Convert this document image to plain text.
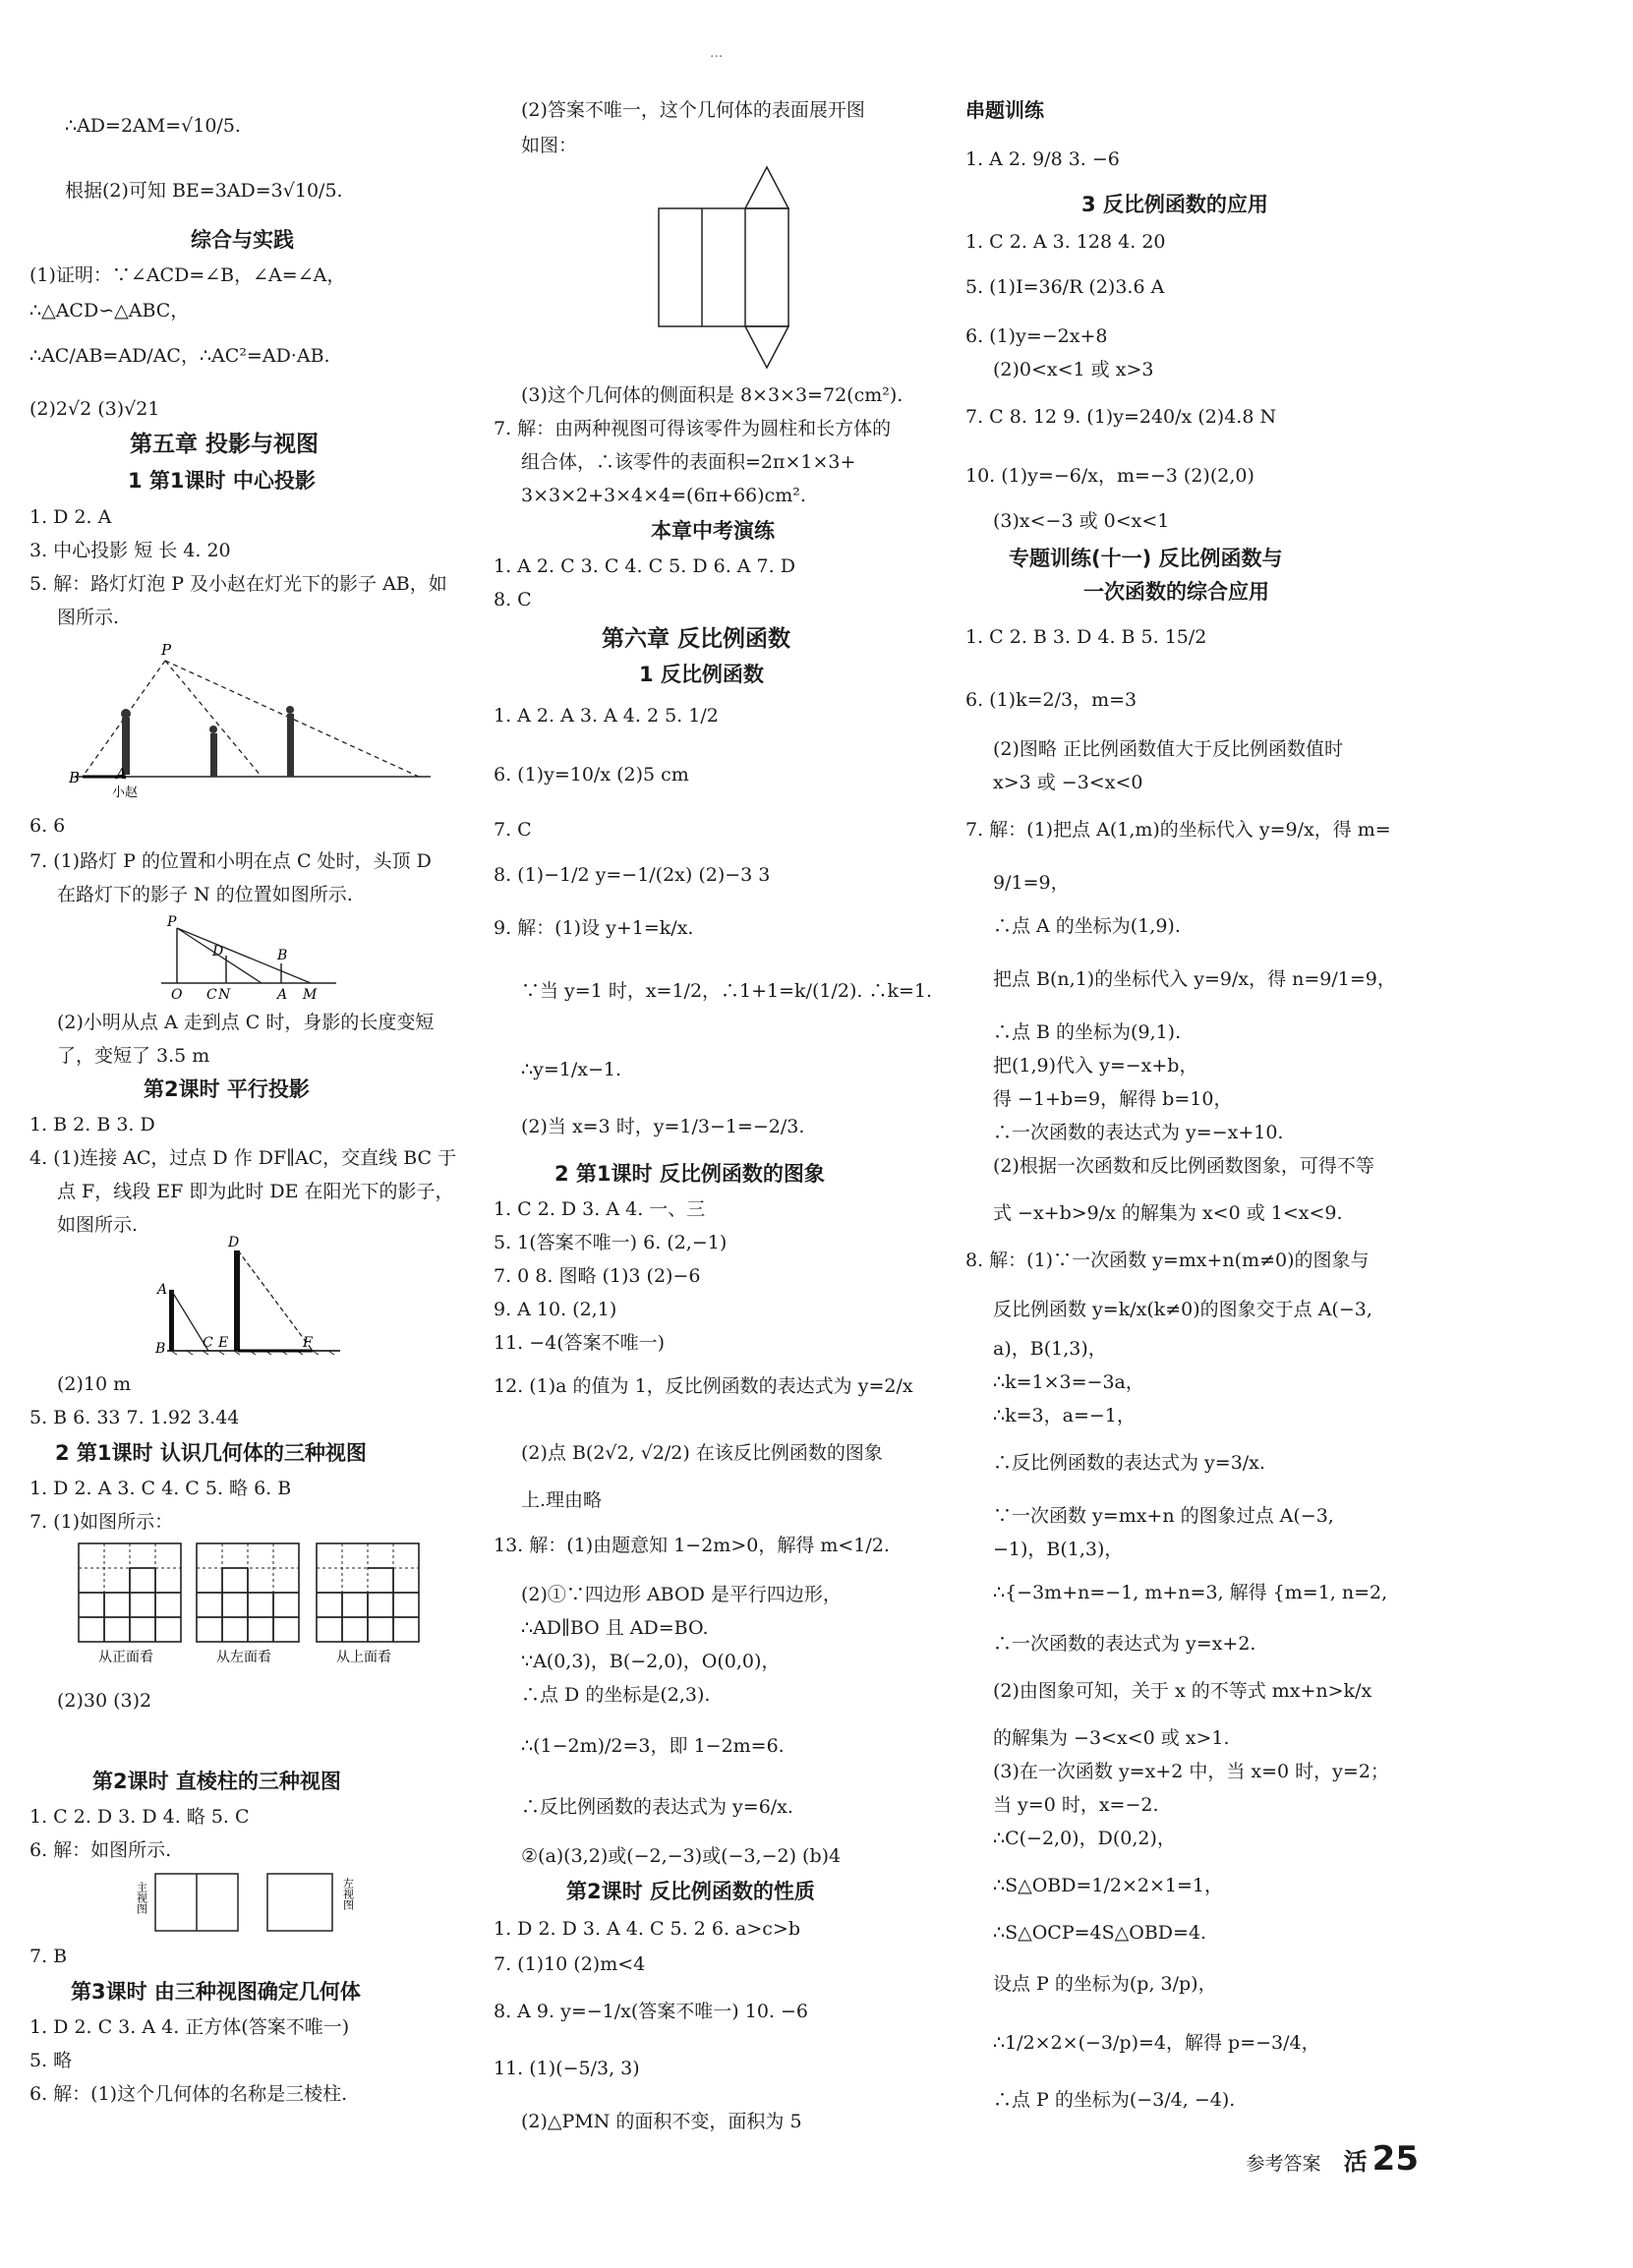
···
∴AD=2AM=√10/5.
根据(2)可知 BE=3AD=3√10/5.
综合与实践
(1)证明：∵∠ACD=∠B，∠A=∠A，
∴△ACD∽△ABC，
∴AC/AB=AD/AC，∴AC²=AD·AB.
(2)2√2 (3)√21
第五章 投影与视图
1 第1课时 中心投影
1. D 2. A
3. 中心投影 短 长 4. 20
5. 解：路灯灯泡 P 及小赵在灯光下的影子 AB，如
图所示.
P
B A
小赵
6. 6
7. (1)路灯 P 的位置和小明在点 C 处时，头顶 D
在路灯下的影子 N 的位置如图所示.
P
D	B
O C N	A M
(2)小明从点 A 走到点 C 时，身影的长度变短
了，变短了 3.5 m
第2课时 平行投影
1. B 2. B 3. D
4. (1)连接 AC，过点 D 作 DF∥AC，交直线 BC 于
点 F，线段 EF 即为此时 DE 在阳光下的影子，
如图所示.
D
A
B	C E	F
(2)10 m
5. B 6. 33 7. 1.92 3.44
2 第1课时 认识几何体的三种视图
1. D 2. A 3. C 4. C 5. 略 6. B
7. (1)如图所示：
从正面看	从左面看	从上面看
(2)30 (3)2
第2课时 直棱柱的三种视图
1. C 2. D 3. D 4. 略 5. C
6. 解：如图所示.
主视图	左视图
7. B
第3课时 由三种视图确定几何体
1. D 2. C 3. A 4. 正方体(答案不唯一)
5. 略
6. 解：(1)这个几何体的名称是三棱柱.
(2)答案不唯一，这个几何体的表面展开图
如图：
(3)这个几何体的侧面积是 8×3×3=72(cm²).
7. 解：由两种视图可得该零件为圆柱和长方体的
组合体，∴该零件的表面积=2π×1×3+
3×3×2+3×4×4=(6π+66)cm².
本章中考演练
1. A 2. C 3. C 4. C 5. D 6. A 7. D
8. C
第六章 反比例函数
1 反比例函数
1. A 2. A 3. A 4. 2 5. 1/2
6. (1)y=10/x (2)5 cm
7. C
8. (1)−1/2 y=−1/(2x) (2)−3 3
9. 解：(1)设 y+1=k/x.
∵当 y=1 时，x=1/2，∴1+1=k/(1/2). ∴k=1.
∴y=1/x−1.
(2)当 x=3 时，y=1/3−1=−2/3.
2 第1课时 反比例函数的图象
1. C 2. D 3. A 4. 一、三
5. 1(答案不唯一) 6. (2,−1)
7. 0 8. 图略 (1)3 (2)−6
9. A 10. (2,1)
11. −4(答案不唯一)
12. (1)a 的值为 1，反比例函数的表达式为 y=2/x
(2)点 B(2√2, √2/2) 在该反比例函数的图象
上.理由略
13. 解：(1)由题意知 1−2m>0，解得 m<1/2.
(2)①∵四边形 ABOD 是平行四边形，
∴AD∥BO 且 AD=BO.
∵A(0,3)，B(−2,0)，O(0,0)，
∴点 D 的坐标是(2,3).
∴(1−2m)/2=3，即 1−2m=6.
∴反比例函数的表达式为 y=6/x.
②(a)(3,2)或(−2,−3)或(−3,−2) (b)4
第2课时 反比例函数的性质
1. D 2. D 3. A 4. C 5. 2 6. a>c>b
7. (1)10 (2)m<4
8. A 9. y=−1/x(答案不唯一) 10. −6
11. (1)(−5/3, 3)
(2)△PMN 的面积不变，面积为 5
串题训练
1. A 2. 9/8 3. −6
3 反比例函数的应用
1. C 2. A 3. 128 4. 20
5. (1)I=36/R (2)3.6 A
6. (1)y=−2x+8
(2)0<x<1 或 x>3
7. C 8. 12 9. (1)y=240/x (2)4.8 N
10. (1)y=−6/x，m=−3 (2)(2,0)
(3)x<−3 或 0<x<1
专题训练(十一) 反比例函数与
一次函数的综合应用
1. C 2. B 3. D 4. B 5. 15/2
6. (1)k=2/3，m=3
(2)图略 正比例函数值大于反比例函数值时
x>3 或 −3<x<0
7. 解：(1)把点 A(1,m)的坐标代入 y=9/x，得 m=
9/1=9，
∴点 A 的坐标为(1,9).
把点 B(n,1)的坐标代入 y=9/x，得 n=9/1=9，
∴点 B 的坐标为(9,1).
把(1,9)代入 y=−x+b，
得 −1+b=9，解得 b=10，
∴一次函数的表达式为 y=−x+10.
(2)根据一次函数和反比例函数图象，可得不等
式 −x+b>9/x 的解集为 x<0 或 1<x<9.
8. 解：(1)∵一次函数 y=mx+n(m≠0)的图象与
反比例函数 y=k/x(k≠0)的图象交于点 A(−3,
a)，B(1,3)，
∴k=1×3=−3a，
∴k=3，a=−1，
∴反比例函数的表达式为 y=3/x.
∵一次函数 y=mx+n 的图象过点 A(−3,
−1)，B(1,3)，
∴{−3m+n=−1, m+n=3, 解得 {m=1, n=2,
∴一次函数的表达式为 y=x+2.
(2)由图象可知，关于 x 的不等式 mx+n>k/x
的解集为 −3<x<0 或 x>1.
(3)在一次函数 y=x+2 中，当 x=0 时，y=2；
当 y=0 时，x=−2.
∴C(−2,0)，D(0,2)，
∴S△OBD=1/2×2×1=1，
∴S△OCP=4S△OBD=4.
设点 P 的坐标为(p, 3/p)，
∴1/2×2×(−3/p)=4，解得 p=−3/4，
∴点 P 的坐标为(−3/4, −4).
参考答案 活 25
